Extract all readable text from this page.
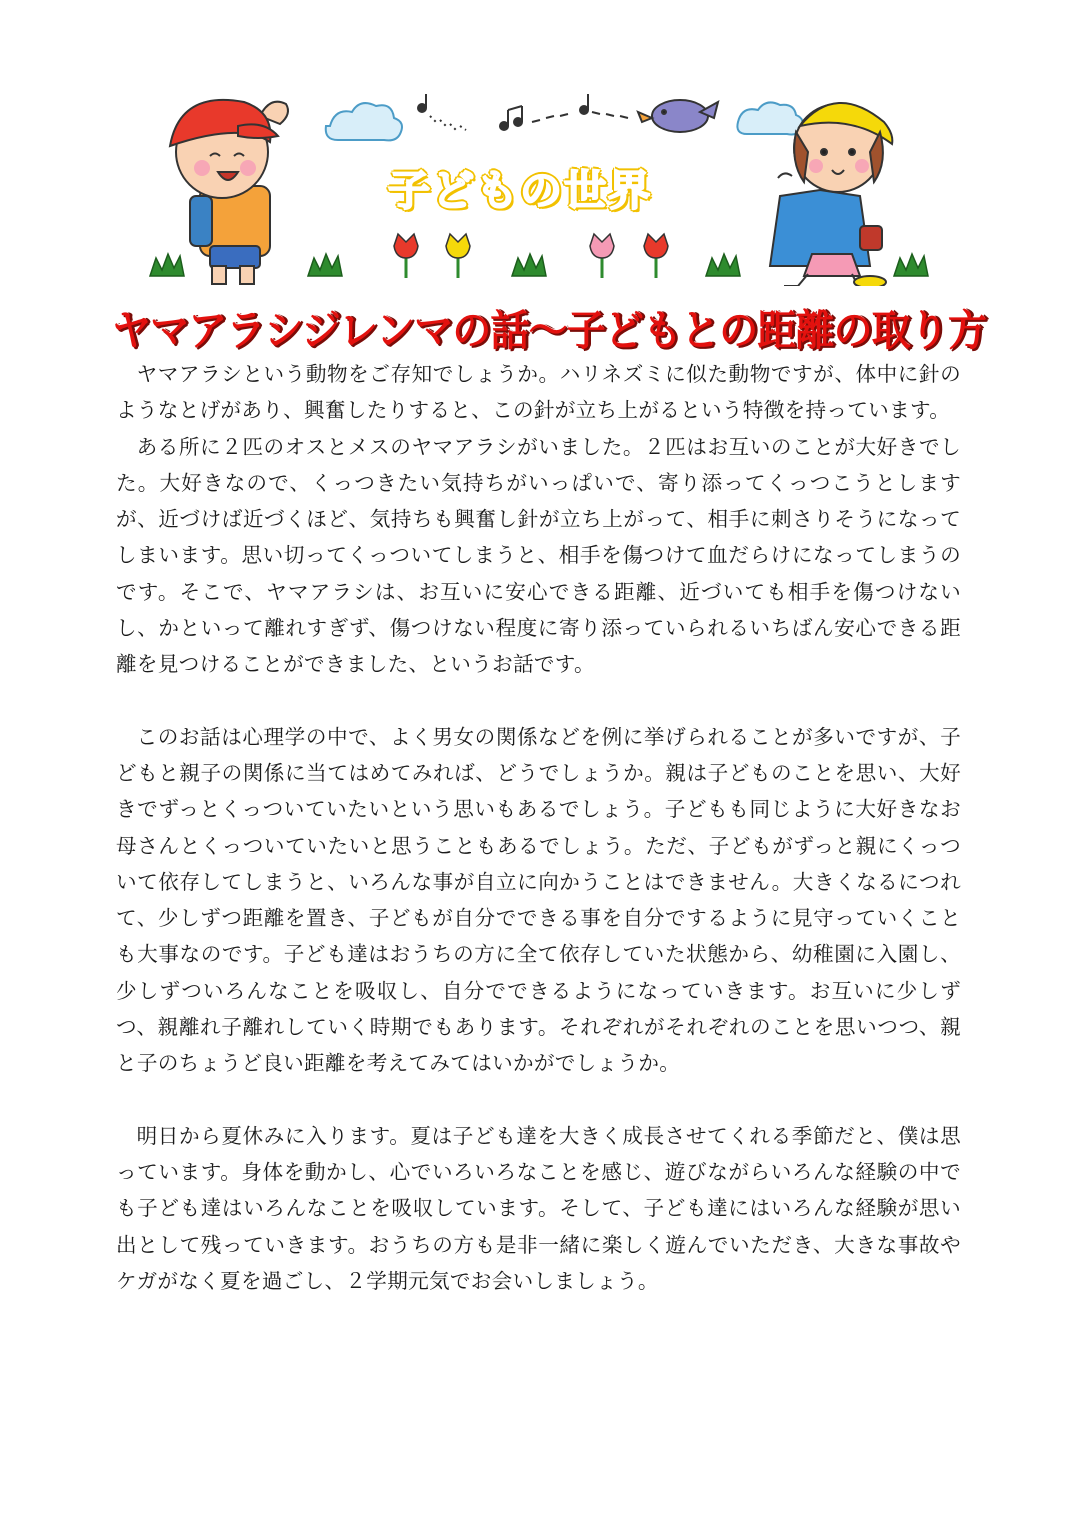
子どもの世界
ヤマアラシジレンマの話～子どもとの距離の取り方

ヤマアラシという動物をご存知でしょうか。ハリネズミに似た動物ですが、体中に針のようなとげがあり、興奮したりすると、この針が立ち上がるという特徴を持っています。

ある所に２匹のオスとメスのヤマアラシがいました。２匹はお互いのことが大好きでした。大好きなので、くっつきたい気持ちがいっぱいで、寄り添ってくっつこうとしますが、近づけば近づくほど、気持ちも興奮し針が立ち上がって、相手に刺さりそうになってしまいます。思い切ってくっついてしまうと、相手を傷つけて血だらけになってしまうのです。そこで、ヤマアラシは、お互いに安心できる距離、近づいても相手を傷つけないし、かといって離れすぎず、傷つけない程度に寄り添っていられるいちばん安心できる距離を見つけることができました、というお話です。

このお話は心理学の中で、よく男女の関係などを例に挙げられることが多いですが、子どもと親子の関係に当てはめてみれば、どうでしょうか。親は子どものことを思い、大好きでずっとくっついていたいという思いもあるでしょう。子どもも同じように大好きなお母さんとくっついていたいと思うこともあるでしょう。ただ、子どもがずっと親にくっついて依存してしまうと、いろんな事が自立に向かうことはできません。大きくなるにつれて、少しずつ距離を置き、子どもが自分でできる事を自分でするように見守っていくことも大事なのです。子ども達はおうちの方に全て依存していた状態から、幼稚園に入園し、少しずついろんなことを吸収し、自分でできるようになっていきます。お互いに少しずつ、親離れ子離れしていく時期でもあります。それぞれがそれぞれのことを思いつつ、親と子のちょうど良い距離を考えてみてはいかがでしょうか。

明日から夏休みに入ります。夏は子ども達を大きく成長させてくれる季節だと、僕は思っています。身体を動かし、心でいろいろなことを感じ、遊びながらいろんな経験の中でも子ども達はいろんなことを吸収しています。そして、子ども達にはいろんな経験が思い出として残っていきます。おうちの方も是非一緒に楽しく遊んでいただき、大きな事故やケガがなく夏を過ごし、２学期元気でお会いしましょう。
